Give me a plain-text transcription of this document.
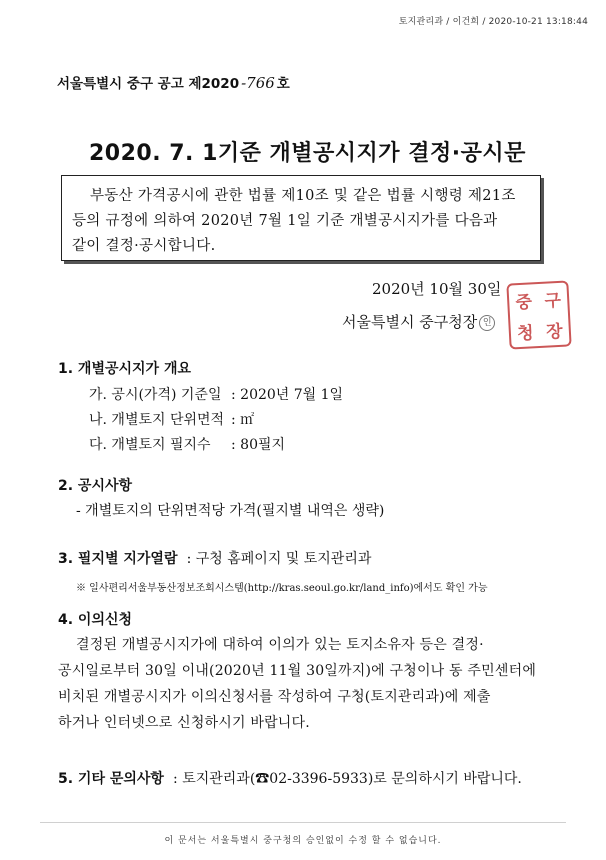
토지관리과 / 이건희 / 2020-10-21 13:18:44
서울특별시 중구 공고 제2020 -766 호
2020. 7. 1기준 개별공시지가 결정·공시문
부동산 가격공시에 관한 법률 제10조 및 같은 법률 시행령 제21조
등의 규정에 의하여 2020년 7월 1일 기준 개별공시지가를 다음과
같이 결정·공시합니다.
2020년 10월 30일
중 구
청 장
서울특별시 중구청장 인
1. 개별공시지가 개요
가. 공시(가격) 기준일 : 2020년 7월 1일
나. 개별토지 단위면적 : ㎡
다. 개별토지 필지수 : 80필지
2. 공시사항
- 개별토지의 단위면적당 가격(필지별 내역은 생략)
3. 필지별 지가열람 : 구청 홈페이지 및 토지관리과
※ 일사편리서울부동산정보조회시스템(http://kras.seoul.go.kr/land_info)에서도 확인 가능
4. 이의신청
결정된 개별공시지가에 대하여 이의가 있는 토지소유자 등은 결정·
공시일로부터 30일 이내(2020년 11월 30일까지)에 구청이나 동 주민센터에
비치된 개별공시지가 이의신청서를 작성하여 구청(토지관리과)에 제출
하거나 인터넷으로 신청하시기 바랍니다.
5. 기타 문의사항 : 토지관리과(☎02-3396-5933)로 문의하시기 바랍니다.
이 문서는 서울특별시 중구청의 승인없이 수정 할 수 없습니다.
